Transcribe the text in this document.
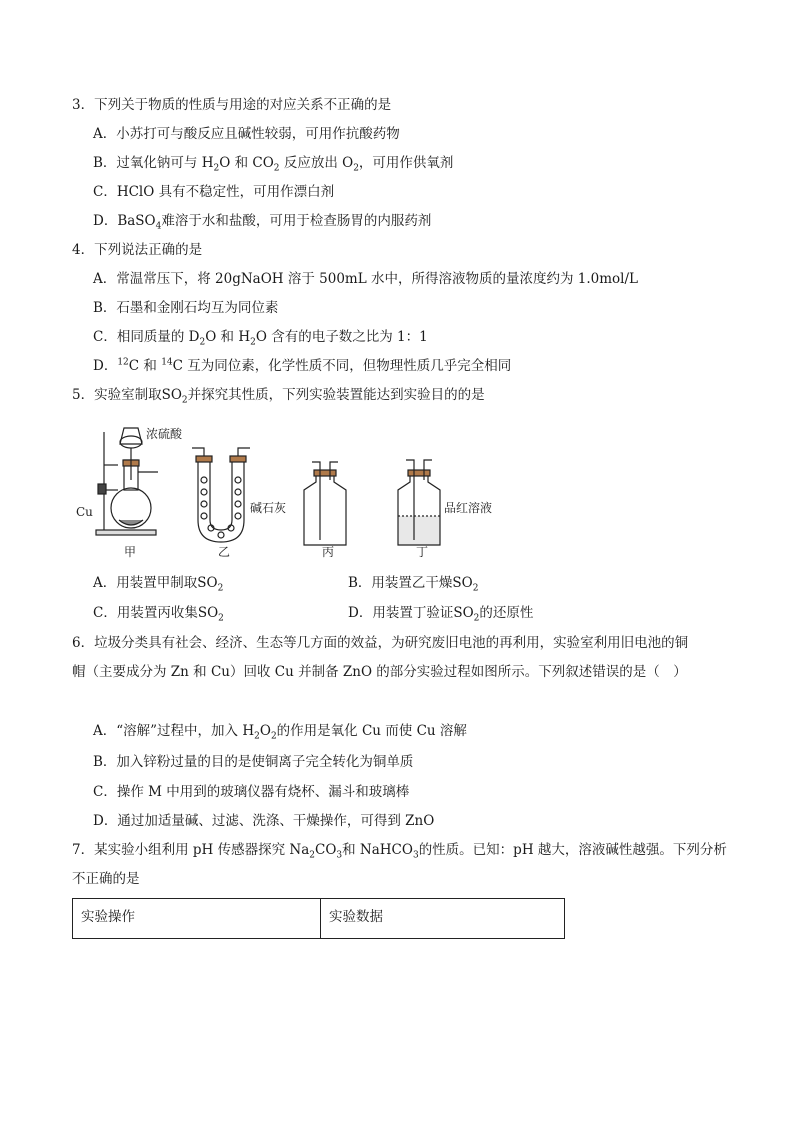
3．下列关于物质的性质与用途的对应关系不正确的是
A．小苏打可与酸反应且碱性较弱，可用作抗酸药物
B．过氧化钠可与 $H_2O$ 和 $CO_2$ 反应放出 $O_2$，可用作供氧剂
C．HClO 具有不稳定性，可用作漂白剂
D．BaSO$_4$难溶于水和盐酸，可用于检查肠胃的内服药剂
4．下列说法正确的是
A．常温常压下，将 20gNaOH 溶于 500mL 水中，所得溶液物质的量浓度约为 1.0mol/L
B．石墨和金刚石均互为同位素
C．相同质量的 $D_2O$ 和 $H_2O$ 含有的电子数之比为 1：1
D．$^{12}$C 和 $^{14}$C 互为同位素，化学性质不同，但物理性质几乎完全相同
5．实验室制取$SO_2$并探究其性质，下列实验装置能达到实验目的的是
浓硫酸
Cu
甲
碱石灰
乙	丙
品红溶液
丁
A．用装置甲制取$SO_2$	B．用装置乙干燥$SO_2$
C．用装置丙收集$SO_2$	D．用装置丁验证$SO_2$的还原性
6．垃圾分类具有社会、经济、生态等几方面的效益，为研究废旧电池的再利用，实验室利用旧电池的铜
帽（主要成分为 Zn 和 Cu）回收 Cu 并制备 ZnO 的部分实验过程如图所示。下列叙述错误的是（　）
A．“溶解”过程中，加入 $H_2O_2$的作用是氧化 Cu 而使 Cu 溶解
B．加入锌粉过量的目的是使铜离子完全转化为铜单质
C．操作 M 中用到的玻璃仪器有烧杯、漏斗和玻璃棒
D．通过加适量碱、过滤、洗涤、干燥操作，可得到 ZnO
7．某实验小组利用 pH 传感器探究 $Na_2CO_3$和 NaHCO$_3$的性质。已知：pH 越大，溶液碱性越强。下列分析
不正确的是
实验操作	实验数据
